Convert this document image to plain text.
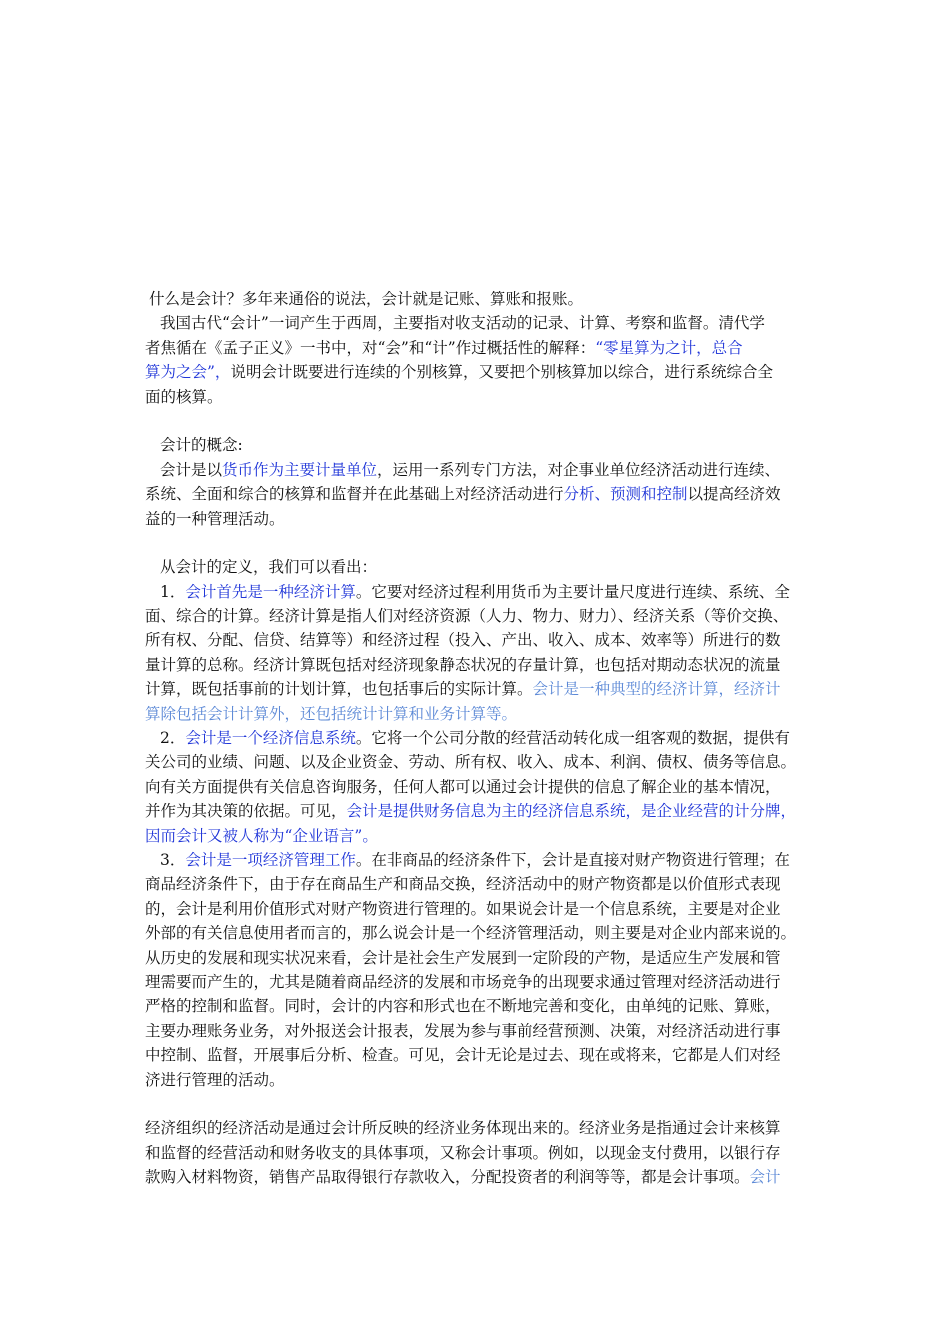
什么是会计？多年来通俗的说法，会计就是记账、算账和报账。
我国古代“会计”一词产生于西周，主要指对收支活动的记录、计算、考察和监督。清代学
者焦循在《孟子正义》一书中，对“会”和“计”作过概括性的解释：“零星算为之计，总合
算为之会”，说明会计既要进行连续的个别核算，又要把个别核算加以综合，进行系统综合全
面的核算。
会计的概念:
会计是以货币作为主要计量单位，运用一系列专门方法，对企事业单位经济活动进行连续、
系统、全面和综合的核算和监督并在此基础上对经济活动进行分析、预测和控制以提高经济效
益的一种管理活动。
从会计的定义，我们可以看出：
1．会计首先是一种经济计算。它要对经济过程利用货币为主要计量尺度进行连续、系统、全
面、综合的计算。经济计算是指人们对经济资源（人力、物力、财力）、经济关系（等价交换、
所有权、分配、信贷、结算等）和经济过程（投入、产出、收入、成本、效率等）所进行的数
量计算的总称。经济计算既包括对经济现象静态状况的存量计算，也包括对期动态状况的流量
计算，既包括事前的计划计算，也包括事后的实际计算。会计是一种典型的经济计算，经济计
算除包括会计计算外，还包括统计计算和业务计算等。
2．会计是一个经济信息系统。它将一个公司分散的经营活动转化成一组客观的数据，提供有
关公司的业绩、问题、以及企业资金、劳动、所有权、收入、成本、利润、债权、债务等信息。
向有关方面提供有关信息咨询服务，任何人都可以通过会计提供的信息了解企业的基本情况，
并作为其决策的依据。可见，会计是提供财务信息为主的经济信息系统，是企业经营的计分牌，
因而会计又被人称为“企业语言”。
3．会计是一项经济管理工作。在非商品的经济条件下，会计是直接对财产物资进行管理；在
商品经济条件下，由于存在商品生产和商品交换，经济活动中的财产物资都是以价值形式表现
的，会计是利用价值形式对财产物资进行管理的。如果说会计是一个信息系统，主要是对企业
外部的有关信息使用者而言的，那么说会计是一个经济管理活动，则主要是对企业内部来说的。
从历史的发展和现实状况来看，会计是社会生产发展到一定阶段的产物，是适应生产发展和管
理需要而产生的，尤其是随着商品经济的发展和市场竞争的出现要求通过管理对经济活动进行
严格的控制和监督。同时，会计的内容和形式也在不断地完善和变化，由单纯的记账、算账，
主要办理账务业务，对外报送会计报表，发展为参与事前经营预测、决策，对经济活动进行事
中控制、监督，开展事后分析、检查。可见，会计无论是过去、现在或将来，它都是人们对经
济进行管理的活动。
经济组织的经济活动是通过会计所反映的经济业务体现出来的。经济业务是指通过会计来核算
和监督的经营活动和财务收支的具体事项，又称会计事项。例如，以现金支付费用，以银行存
款购入材料物资，销售产品取得银行存款收入，分配投资者的利润等等，都是会计事项。会计
